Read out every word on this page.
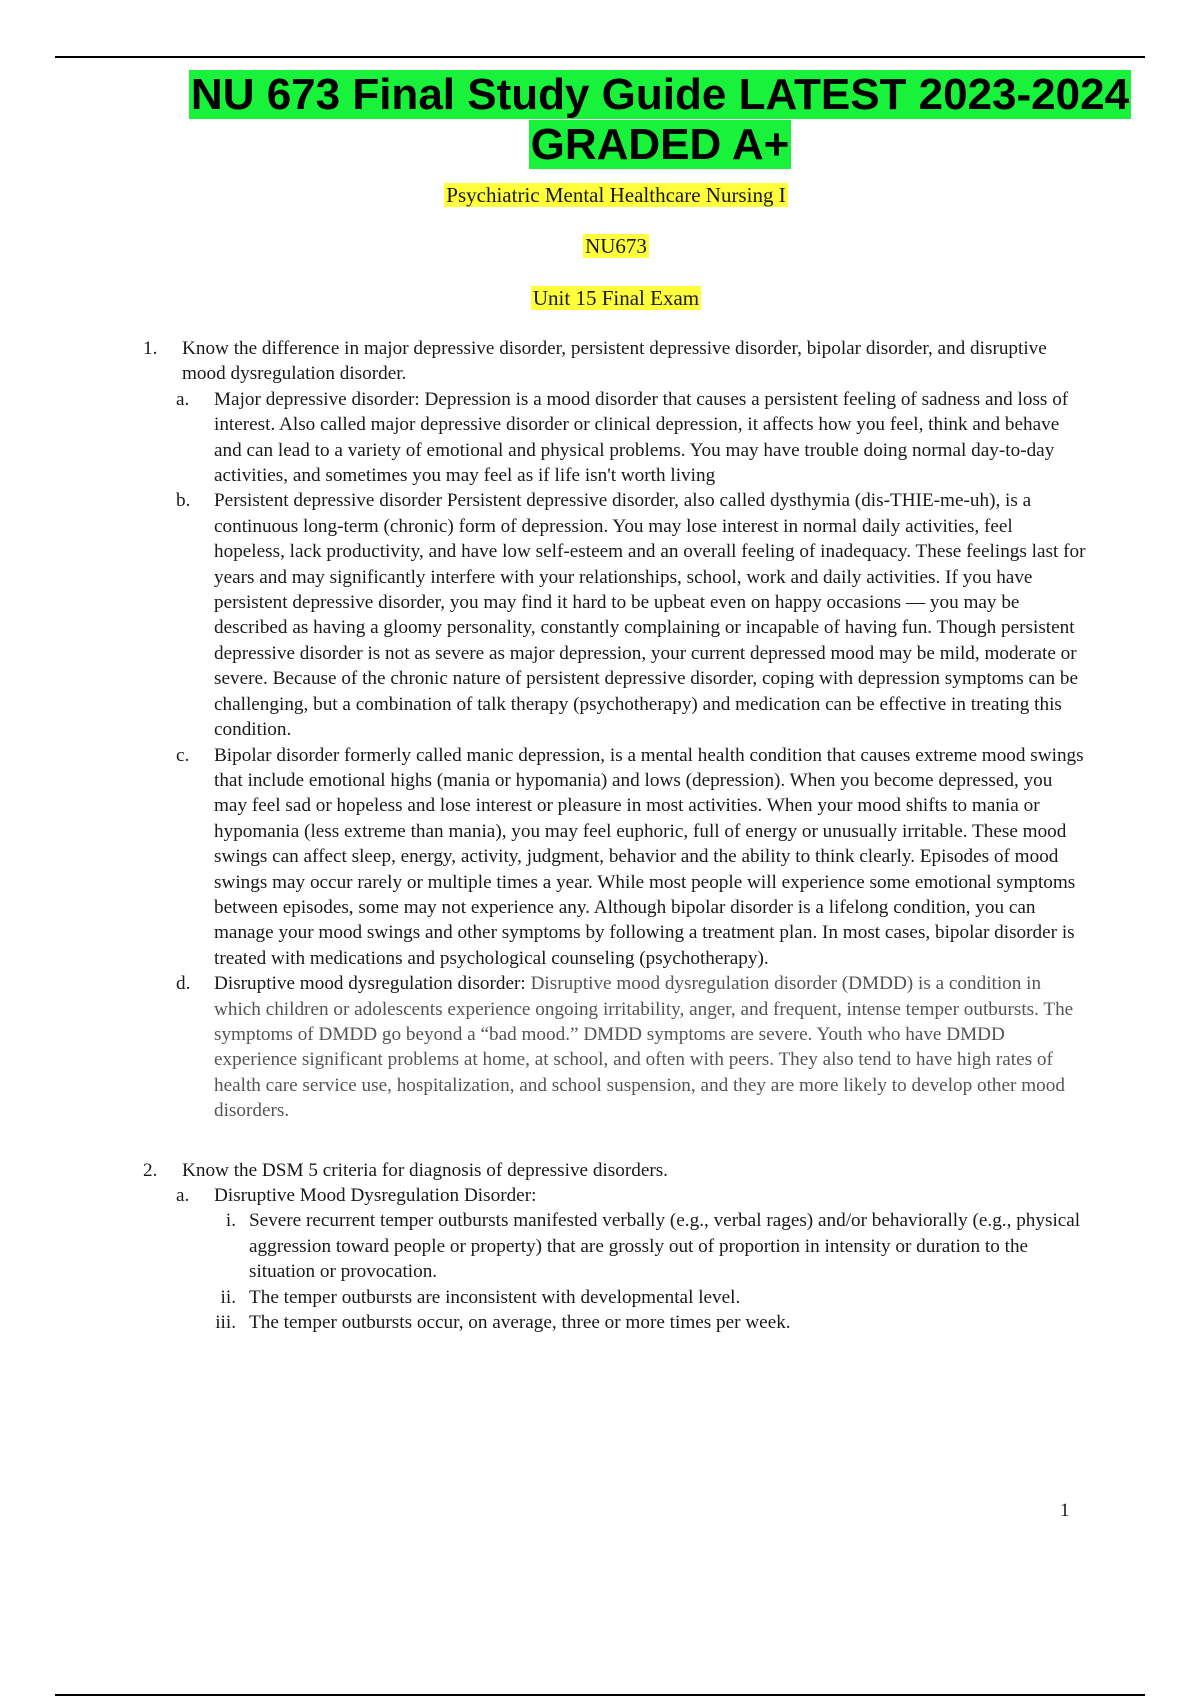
NU 673 Final Study Guide LATEST 2023-2024
GRADED A+
Psychiatric Mental Healthcare Nursing I
NU673
Unit 15 Final Exam
1. Know the difference in major depressive disorder, persistent depressive disorder, bipolar disorder, and disruptive mood dysregulation disorder.
a. Major depressive disorder: Depression is a mood disorder that causes a persistent feeling of sadness and loss of interest. Also called major depressive disorder or clinical depression, it affects how you feel, think and behave and can lead to a variety of emotional and physical problems. You may have trouble doing normal day-to-day activities, and sometimes you may feel as if life isn't worth living
b. Persistent depressive disorder Persistent depressive disorder, also called dysthymia (dis-THIE-me-uh), is a continuous long-term (chronic) form of depression. You may lose interest in normal daily activities, feel hopeless, lack productivity, and have low self-esteem and an overall feeling of inadequacy. These feelings last for years and may significantly interfere with your relationships, school, work and daily activities. If you have persistent depressive disorder, you may find it hard to be upbeat even on happy occasions — you may be described as having a gloomy personality, constantly complaining or incapable of having fun. Though persistent depressive disorder is not as severe as major depression, your current depressed mood may be mild, moderate or severe. Because of the chronic nature of persistent depressive disorder, coping with depression symptoms can be challenging, but a combination of talk therapy (psychotherapy) and medication can be effective in treating this condition.
c. Bipolar disorder formerly called manic depression, is a mental health condition that causes extreme mood swings that include emotional highs (mania or hypomania) and lows (depression). When you become depressed, you may feel sad or hopeless and lose interest or pleasure in most activities. When your mood shifts to mania or hypomania (less extreme than mania), you may feel euphoric, full of energy or unusually irritable. These mood swings can affect sleep, energy, activity, judgment, behavior and the ability to think clearly. Episodes of mood swings may occur rarely or multiple times a year. While most people will experience some emotional symptoms between episodes, some may not experience any. Although bipolar disorder is a lifelong condition, you can manage your mood swings and other symptoms by following a treatment plan. In most cases, bipolar disorder is treated with medications and psychological counseling (psychotherapy).
d. Disruptive mood dysregulation disorder: Disruptive mood dysregulation disorder (DMDD) is a condition in which children or adolescents experience ongoing irritability, anger, and frequent, intense temper outbursts. The symptoms of DMDD go beyond a “bad mood.” DMDD symptoms are severe. Youth who have DMDD experience significant problems at home, at school, and often with peers. They also tend to have high rates of health care service use, hospitalization, and school suspension, and they are more likely to develop other mood disorders.
2. Know the DSM 5 criteria for diagnosis of depressive disorders.
a. Disruptive Mood Dysregulation Disorder:
i. Severe recurrent temper outbursts manifested verbally (e.g., verbal rages) and/or behaviorally (e.g., physical aggression toward people or property) that are grossly out of proportion in intensity or duration to the situation or provocation.
ii. The temper outbursts are inconsistent with developmental level.
iii. The temper outbursts occur, on average, three or more times per week.
1
